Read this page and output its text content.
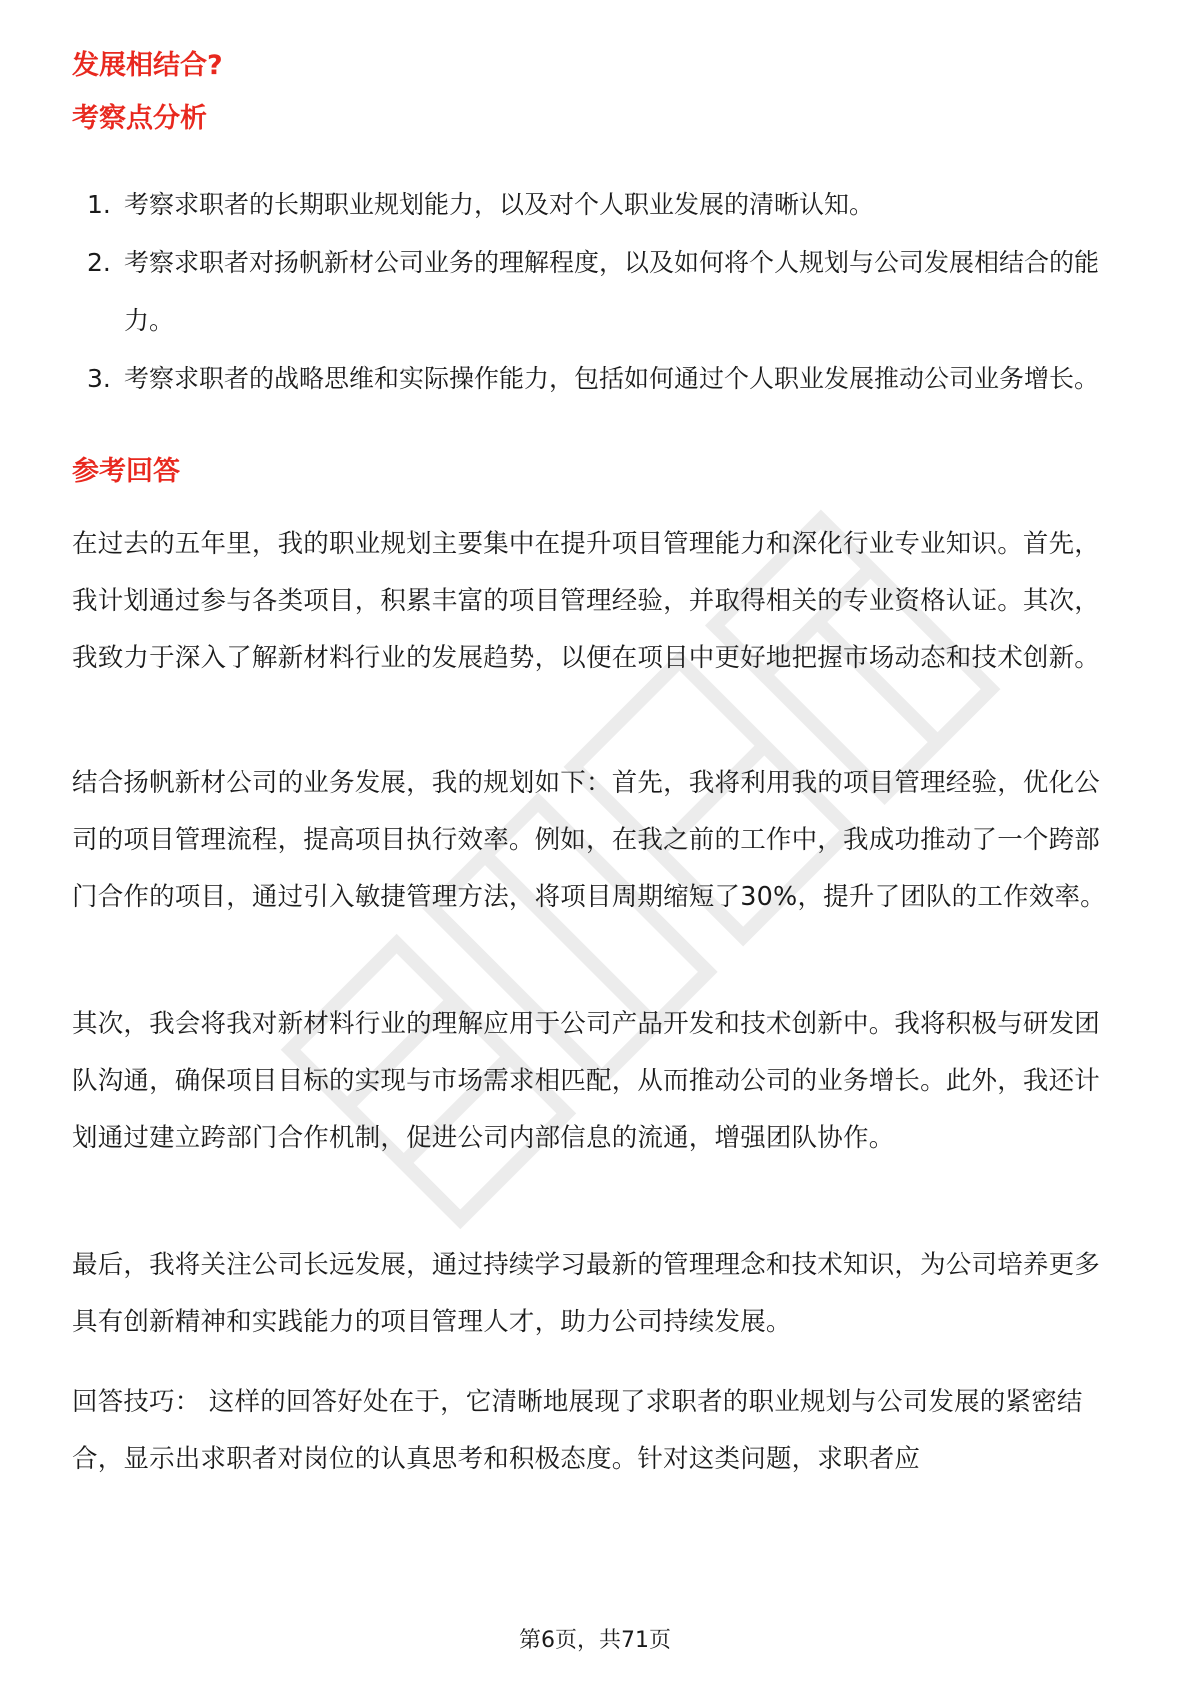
发展相结合?
考察点分析
1. 考察求职者的长期职业规划能力，以及对个人职业发展的清晰认知。
2. 考察求职者对扬帆新材公司业务的理解程度，以及如何将个人规划与公司发展相结合的能力。
3. 考察求职者的战略思维和实际操作能力，包括如何通过个人职业发展推动公司业务增长。
参考回答

在过去的五年里，我的职业规划主要集中在提升项目管理能力和深化行业专业知识。首先，我计划通过参与各类项目，积累丰富的项目管理经验，并取得相关的专业资格认证。其次，我致力于深入了解新材料行业的发展趋势，以便在项目中更好地把握市场动态和技术创新。

结合扬帆新材公司的业务发展，我的规划如下：首先，我将利用我的项目管理经验，优化公司的项目管理流程，提高项目执行效率。例如，在我之前的工作中，我成功推动了一个跨部门合作的项目，通过引入敏捷管理方法，将项目周期缩短了30%，提升了团队的工作效率。

其次，我会将我对新材料行业的理解应用于公司产品开发和技术创新中。我将积极与研发团队沟通，确保项目目标的实现与市场需求相匹配，从而推动公司的业务增长。此外，我还计划通过建立跨部门合作机制，促进公司内部信息的流通，增强团队协作。

最后，我将关注公司长远发展，通过持续学习最新的管理理念和技术知识，为公司培养更多具有创新精神和实践能力的项目管理人才，助力公司持续发展。

回答技巧： 这样的回答好处在于，它清晰地展现了求职者的职业规划与公司发展的紧密结合，显示出求职者对岗位的认真思考和积极态度。针对这类问题，求职者应

第6页，共71页
